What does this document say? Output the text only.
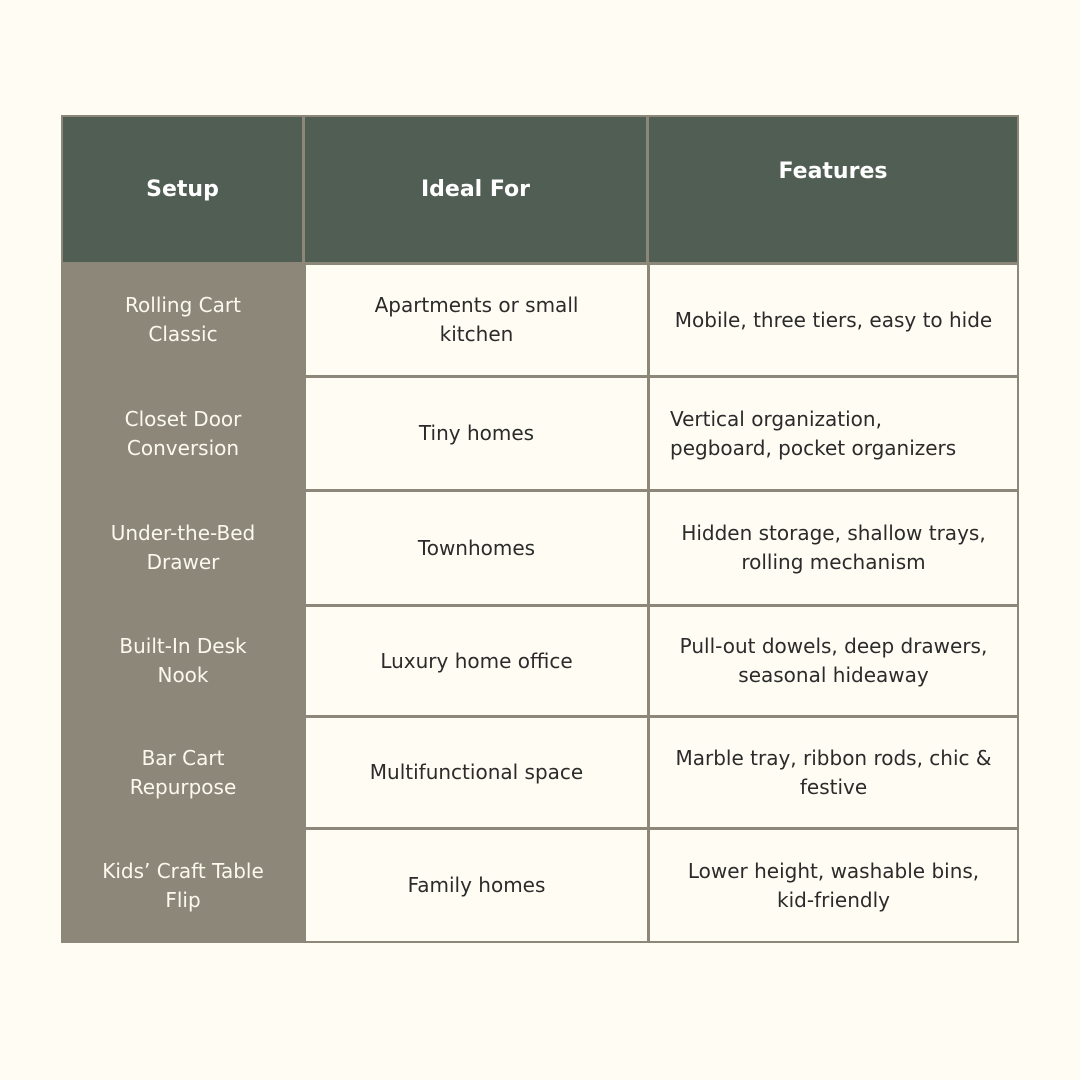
Setup	Ideal For
Features
Rolling Cart Classic
Apartments or small kitchen
Mobile, three tiers, easy to hide
Closet Door Conversion
Tiny homes
Vertical organization, pegboard, pocket organizers
Under-the-Bed Drawer
Townhomes
Hidden storage, shallow trays, rolling mechanism
Built-In Desk Nook
Luxury home office
Pull-out dowels, deep drawers, seasonal hideaway
Bar Cart Repurpose
Multifunctional space
Marble tray, ribbon rods, chic & festive
Kids’ Craft Table Flip
Family homes
Lower height, washable bins, kid-friendly
